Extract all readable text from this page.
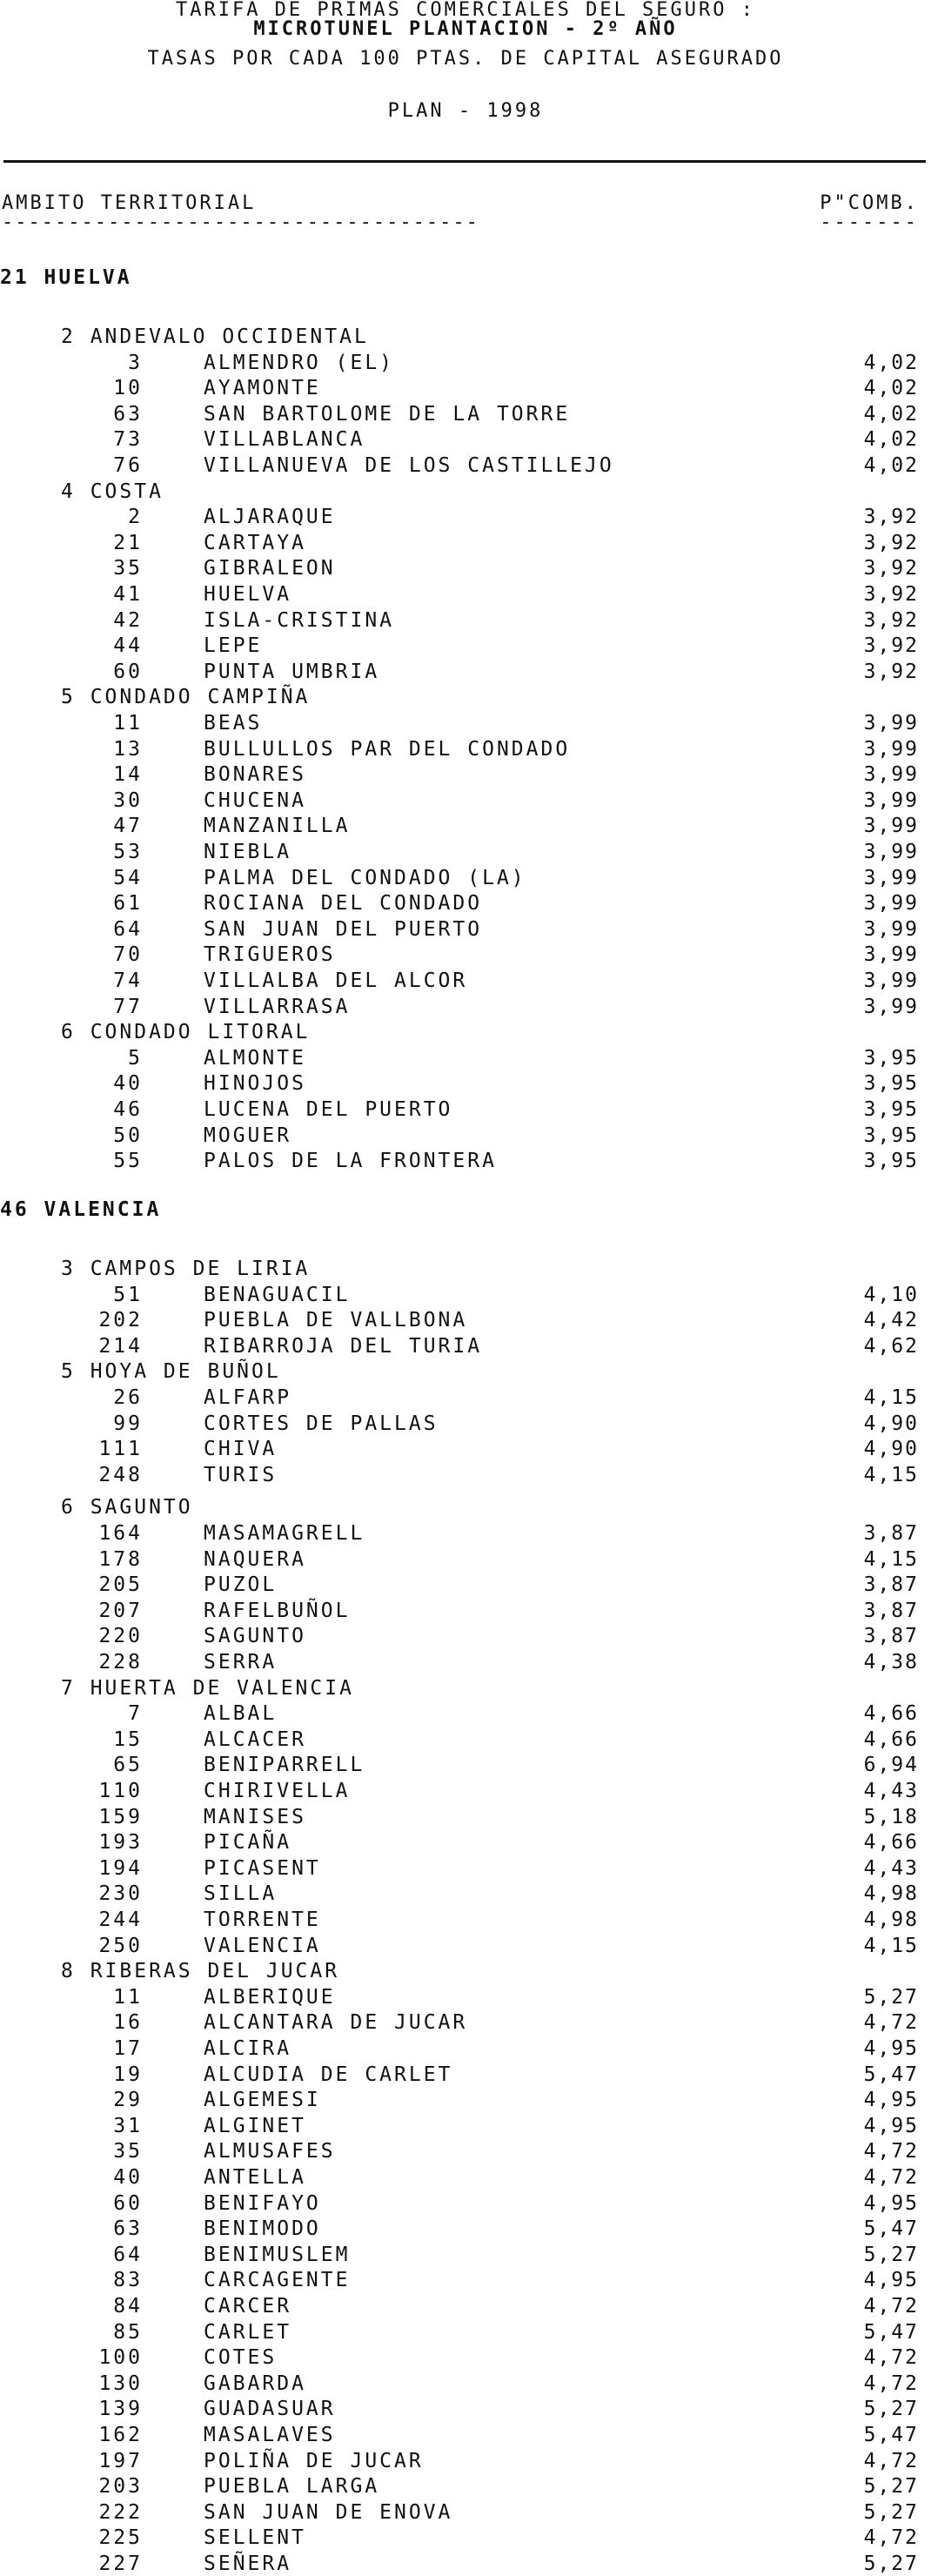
TARIFA DE PRIMAS COMERCIALES DEL SEGURO :
MICROTUNEL PLANTACION - 2º AÑO
TASAS POR CADA 100 PTAS. DE CAPITAL ASEGURADO
PLAN - 1998
AMBITO TERRITORIAL
------------------------------------
P"COMB.
-------
21 HUELVA
2 ANDEVALO OCCIDENTAL
3	ALMENDRO (EL)	4,02
10	AYAMONTE	4,02
63	SAN BARTOLOME DE LA TORRE	4,02
73	VILLABLANCA	4,02
76	VILLANUEVA DE LOS CASTILLEJO	4,02
4 COSTA
2	ALJARAQUE	3,92
21	CARTAYA	3,92
35	GIBRALEON	3,92
41	HUELVA	3,92
42	ISLA-CRISTINA	3,92
44	LEPE	3,92
60	PUNTA UMBRIA	3,92
5 CONDADO CAMPIÑA
11	BEAS	3,99
13	BULLULLOS PAR DEL CONDADO	3,99
14	BONARES	3,99
30	CHUCENA	3,99
47	MANZANILLA	3,99
53	NIEBLA	3,99
54	PALMA DEL CONDADO (LA)	3,99
61	ROCIANA DEL CONDADO	3,99
64	SAN JUAN DEL PUERTO	3,99
70	TRIGUEROS	3,99
74	VILLALBA DEL ALCOR	3,99
77	VILLARRASA	3,99
6 CONDADO LITORAL
5	ALMONTE	3,95
40	HINOJOS	3,95
46	LUCENA DEL PUERTO	3,95
50	MOGUER	3,95
55	PALOS DE LA FRONTERA	3,95
46 VALENCIA
3 CAMPOS DE LIRIA
51	BENAGUACIL	4,10
202	PUEBLA DE VALLBONA	4,42
214	RIBARROJA DEL TURIA	4,62
5 HOYA DE BUÑOL
26	ALFARP	4,15
99	CORTES DE PALLAS	4,90
111	CHIVA	4,90
248	TURIS	4,15
6 SAGUNTO
164	MASAMAGRELL	3,87
178	NAQUERA	4,15
205	PUZOL	3,87
207	RAFELBUÑOL	3,87
220	SAGUNTO	3,87
228	SERRA	4,38
7 HUERTA DE VALENCIA
7	ALBAL	4,66
15	ALCACER	4,66
65	BENIPARRELL	6,94
110	CHIRIVELLA	4,43
159	MANISES	5,18
193	PICAÑA	4,66
194	PICASENT	4,43
230	SILLA	4,98
244	TORRENTE	4,98
250	VALENCIA	4,15
8 RIBERAS DEL JUCAR
11	ALBERIQUE	5,27
16	ALCANTARA DE JUCAR	4,72
17	ALCIRA	4,95
19	ALCUDIA DE CARLET	5,47
29	ALGEMESI	4,95
31	ALGINET	4,95
35	ALMUSAFES	4,72
40	ANTELLA	4,72
60	BENIFAYO	4,95
63	BENIMODO	5,47
64	BENIMUSLEM	5,27
83	CARCAGENTE	4,95
84	CARCER	4,72
85	CARLET	5,47
100	COTES	4,72
130	GABARDA	4,72
139	GUADASUAR	5,27
162	MASALAVES	5,47
197	POLIÑA DE JUCAR	4,72
203	PUEBLA LARGA	5,27
222	SAN JUAN DE ENOVA	5,27
225	SELLENT	4,72
227	SEÑERA	5,27
